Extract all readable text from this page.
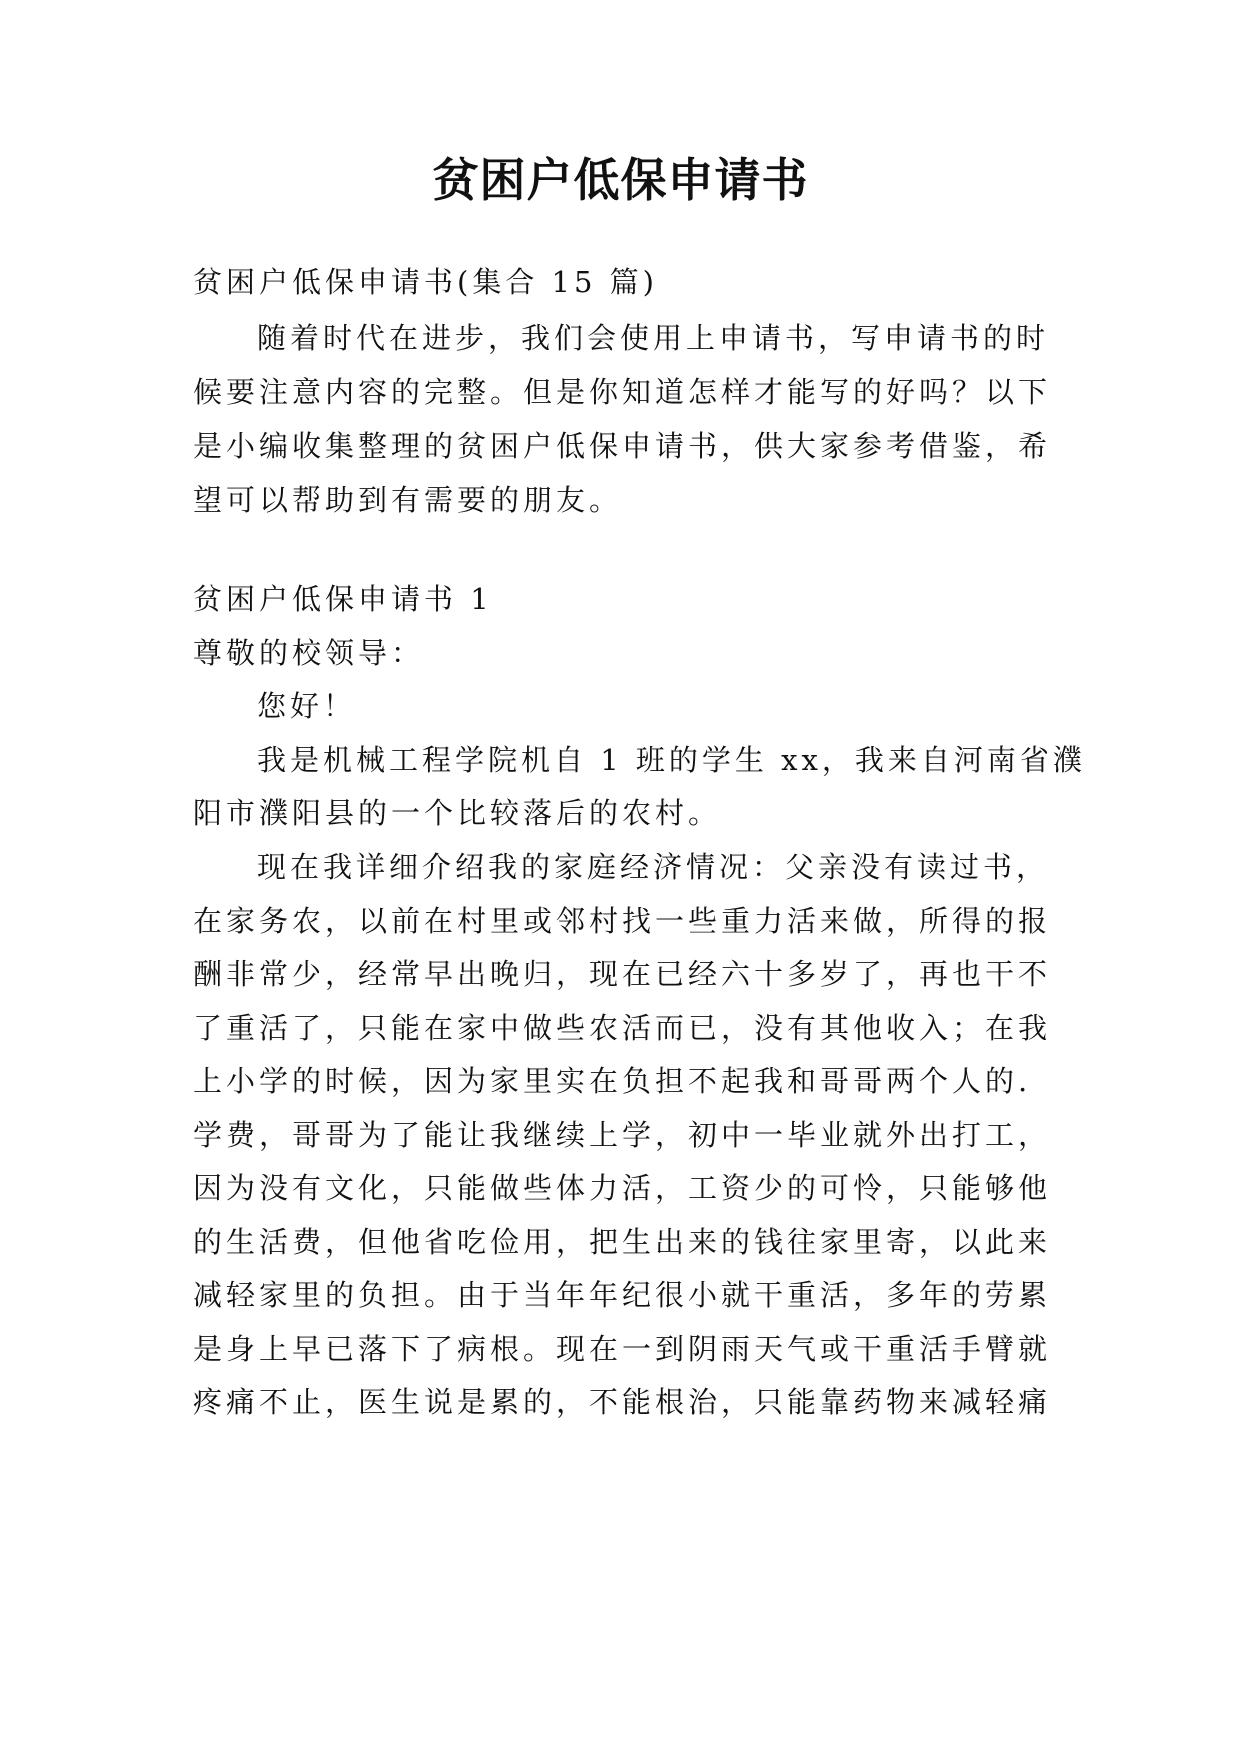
贫困户低保申请书
贫困户低保申请书(集合 15 篇)
随着时代在进步，我们会使用上申请书，写申请书的时
候要注意内容的完整。但是你知道怎样才能写的好吗？以下
是小编收集整理的贫困户低保申请书，供大家参考借鉴，希
望可以帮助到有需要的朋友。
贫困户低保申请书 1
尊敬的校领导：
您好！
我是机械工程学院机自 1 班的学生 xx，我来自河南省濮
阳市濮阳县的一个比较落后的农村。
现在我详细介绍我的家庭经济情况：父亲没有读过书，
在家务农，以前在村里或邻村找一些重力活来做，所得的报
酬非常少，经常早出晚归，现在已经六十多岁了，再也干不
了重活了，只能在家中做些农活而已，没有其他收入；在我
上小学的时候，因为家里实在负担不起我和哥哥两个人的.
学费，哥哥为了能让我继续上学，初中一毕业就外出打工，
因为没有文化，只能做些体力活，工资少的可怜，只能够他
的生活费，但他省吃俭用，把生出来的钱往家里寄，以此来
减轻家里的负担。由于当年年纪很小就干重活，多年的劳累
是身上早已落下了病根。现在一到阴雨天气或干重活手臂就
疼痛不止，医生说是累的，不能根治，只能靠药物来减轻痛
